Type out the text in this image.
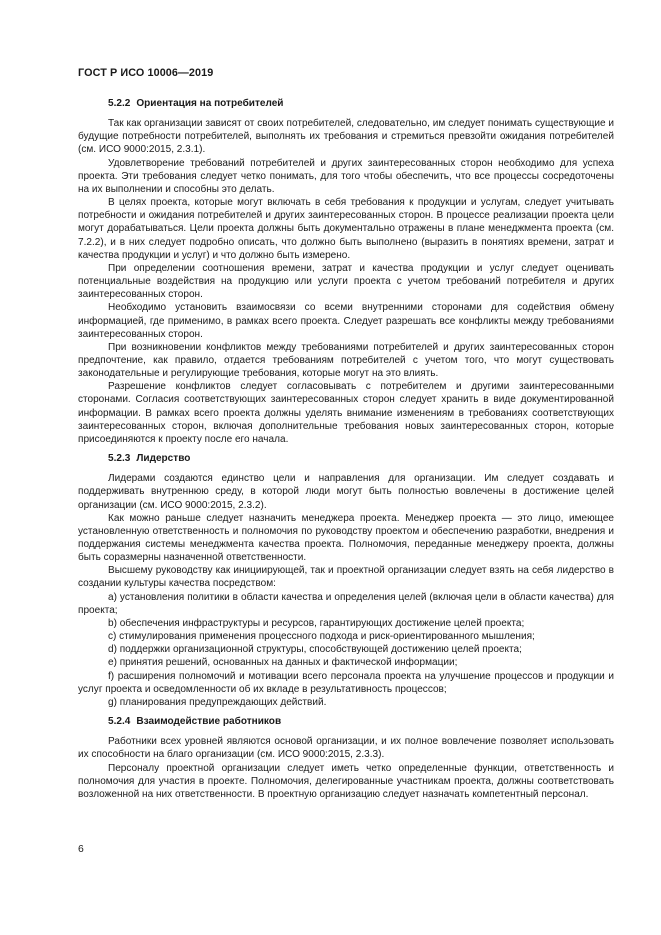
ГОСТ Р ИСО 10006—2019
5.2.2 Ориентация на потребителей

Так как организации зависят от своих потребителей, следовательно, им следует понимать существующие и будущие потребности потребителей, выполнять их требования и стремиться превзойти ожидания потребителей (см. ИСО 9000:2015, 2.3.1).

Удовлетворение требований потребителей и других заинтересованных сторон необходимо для успеха проекта. Эти требования следует четко понимать, для того чтобы обеспечить, что все процессы сосредоточены на их выполнении и способны это делать.

В целях проекта, которые могут включать в себя требования к продукции и услугам, следует учитывать потребности и ожидания потребителей и других заинтересованных сторон. В процессе реализации проекта цели могут дорабатываться. Цели проекта должны быть документально отражены в плане менеджмента проекта (см. 7.2.2), и в них следует подробно описать, что должно быть выполнено (выразить в понятиях времени, затрат и качества продукции и услуг) и что должно быть измерено.

При определении соотношения времени, затрат и качества продукции и услуг следует оценивать потенциальные воздействия на продукцию или услуги проекта с учетом требований потребителя и других заинтересованных сторон.

Необходимо установить взаимосвязи со всеми внутренними сторонами для содействия обмену информацией, где применимо, в рамках всего проекта. Следует разрешать все конфликты между требованиями заинтересованных сторон.

При возникновении конфликтов между требованиями потребителей и других заинтересованных сторон предпочтение, как правило, отдается требованиям потребителей с учетом того, что могут существовать законодательные и регулирующие требования, которые могут на это влиять.

Разрешение конфликтов следует согласовывать с потребителем и другими заинтересованными сторонами. Согласия соответствующих заинтересованных сторон следует хранить в виде документированной информации. В рамках всего проекта должны уделять внимание изменениям в требованиях соответствующих заинтересованных сторон, включая дополнительные требования новых заинтересованных сторон, которые присоединяются к проекту после его начала.

5.2.3 Лидерство

Лидерами создаются единство цели и направления для организации. Им следует создавать и поддерживать внутреннюю среду, в которой люди могут быть полностью вовлечены в достижение целей организации (см. ИСО 9000:2015, 2.3.2).

Как можно раньше следует назначить менеджера проекта. Менеджер проекта — это лицо, имеющее установленную ответственность и полномочия по руководству проектом и обеспечению разработки, внедрения и поддержания системы менеджмента качества проекта. Полномочия, переданные менеджеру проекта, должны быть соразмерны назначенной ответственности.

Высшему руководству как инициирующей, так и проектной организации следует взять на себя лидерство в создании культуры качества посредством:

a) установления политики в области качества и определения целей (включая цели в области качества) для проекта;

b) обеспечения инфраструктуры и ресурсов, гарантирующих достижение целей проекта;

c) стимулирования применения процессного подхода и риск-ориентированного мышления;

d) поддержки организационной структуры, способствующей достижению целей проекта;

e) принятия решений, основанных на данных и фактической информации;

f) расширения полномочий и мотивации всего персонала проекта на улучшение процессов и продукции и услуг проекта и осведомленности об их вкладе в результативность процессов;

g) планирования предупреждающих действий.

5.2.4 Взаимодействие работников

Работники всех уровней являются основой организации, и их полное вовлечение позволяет использовать их способности на благо организации (см. ИСО 9000:2015, 2.3.3).

Персоналу проектной организации следует иметь четко определенные функции, ответственность и полномочия для участия в проекте. Полномочия, делегированные участникам проекта, должны соответствовать возложенной на них ответственности. В проектную организацию следует назначать компетентный персонал.

6
